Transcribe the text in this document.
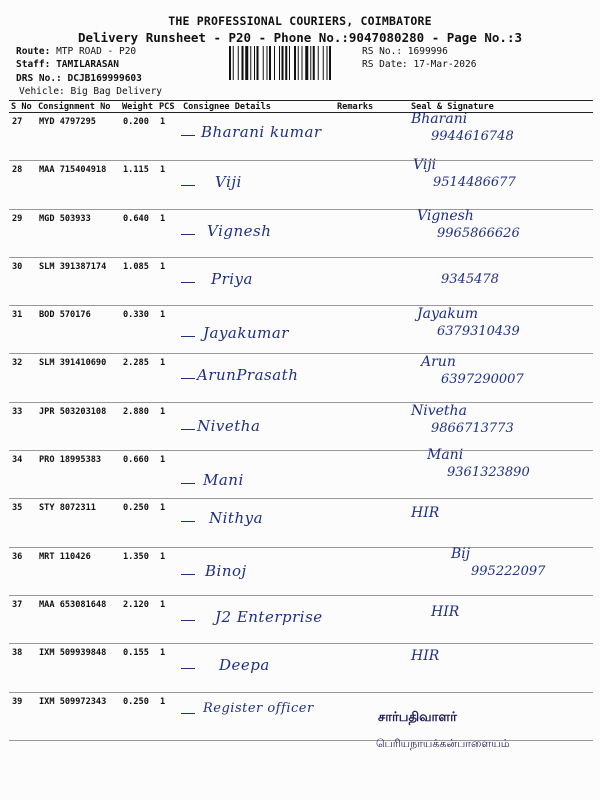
THE PROFESSIONAL COURIERS, COIMBATORE
Delivery Runsheet - P20 - Phone No.:9047080280 - Page No.:3
Route: MTP ROAD - P20
Staff: TAMILARASAN
DRS No.: DCJB169999603
Vehicle: Big Bag Delivery
RS No.: 1699996
RS Date: 17-Mar-2026
S No	Consignment No	Weight	PCS	Consignee Details	Remarks	Seal & Signature
27	MYD 4797295	0.200	1	Bharani kumar		Bharani
9944616748

28	MAA 715404918	1.115	1	Viji		Viji
9514486677

29	MGD 503933	0.640	1	Vignesh		Vignesh
9965866626

30	SLM 391387174	1.085	1	Priya		9345478

31	BOD 570176	0.330	1	Jayakumar		Jayakum
6379310439

32	SLM 391410690	2.285	1	ArunPrasath		Arun
6397290007

33	JPR 503203108	2.880	1	Nivetha		Nivetha
9866713773

34	PRO 18995383	0.660	1	Mani		Mani
9361323890

35	STY 8072311	0.250	1	Nithya		HIR

36	MRT 110426	1.350	1	Binoj		Bij
995222097

37	MAA 653081648	2.120	1	J2 Enterprise		HIR

38	IXM 509939848	0.155	1	Deepa		HIR

39	IXM 509972343	0.250	1	Register officer		

சார்பதிவாளர்
பெரியநாயக்கன்பாளையம்
